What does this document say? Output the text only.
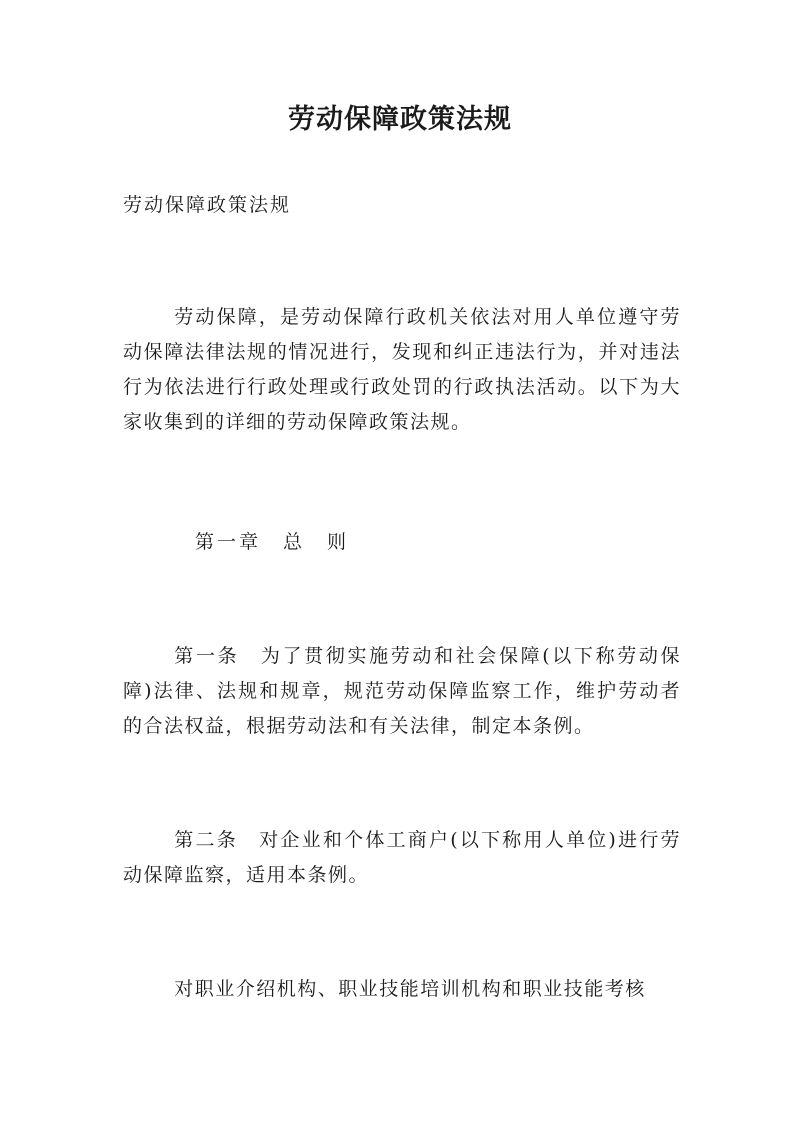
劳动保障政策法规

劳动保障政策法规

劳动保障，是劳动保障行政机关依法对用人单位遵守劳动保障法律法规的情况进行，发现和纠正违法行为，并对违法行为依法进行行政处理或行政处罚的行政执法活动。以下为大家收集到的详细的劳动保障政策法规。

第一章　总　则

第一条　为了贯彻实施劳动和社会保障(以下称劳动保障)法律、法规和规章，规范劳动保障监察工作，维护劳动者的合法权益，根据劳动法和有关法律，制定本条例。

第二条　对企业和个体工商户(以下称用人单位)进行劳动保障监察，适用本条例。

对职业介绍机构、职业技能培训机构和职业技能考核
